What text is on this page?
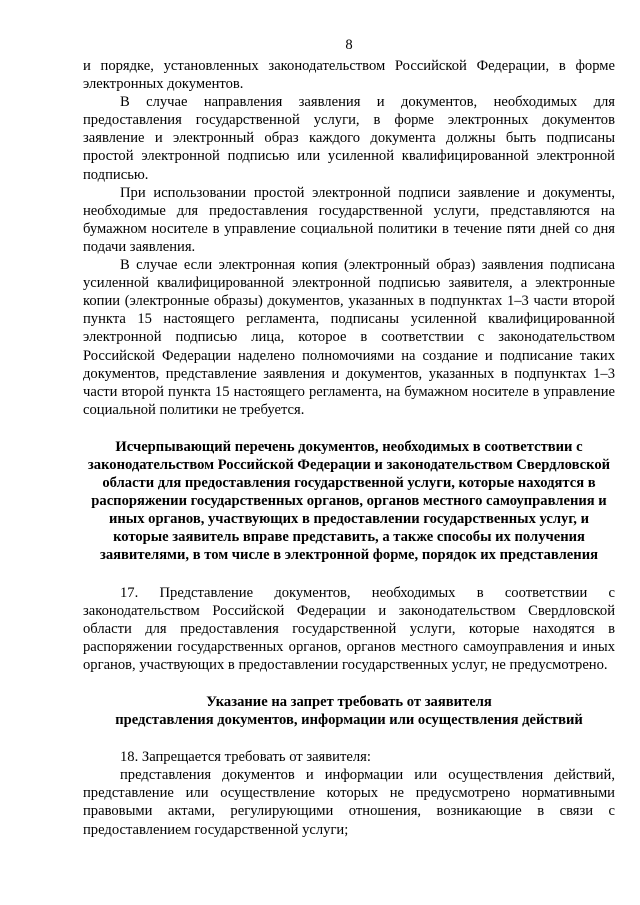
8

и порядке, установленных законодательством Российской Федерации, в форме электронных документов.

В случае направления заявления и документов, необходимых для предоставления государственной услуги, в форме электронных документов заявление и электронный образ каждого документа должны быть подписаны простой электронной подписью или усиленной квалифицированной электронной подписью.

При использовании простой электронной подписи заявление и документы, необходимые для предоставления государственной услуги, представляются на бумажном носителе в управление социальной политики в течение пяти дней со дня подачи заявления.

В случае если электронная копия (электронный образ) заявления подписана усиленной квалифицированной электронной подписью заявителя, а электронные копии (электронные образы) документов, указанных в подпунктах 1–3 части второй пункта 15 настоящего регламента, подписаны усиленной квалифицированной электронной подписью лица, которое в соответствии с законодательством Российской Федерации наделено полномочиями на создание и подписание таких документов, представление заявления и документов, указанных в подпунктах 1–3 части второй пункта 15 настоящего регламента, на бумажном носителе в управление социальной политики не требуется.

Исчерпывающий перечень документов, необходимых в соответствии с законодательством Российской Федерации и законодательством Свердловской области для предоставления государственной услуги, которые находятся в распоряжении государственных органов, органов местного самоуправления и иных органов, участвующих в предоставлении государственных услуг, и которые заявитель вправе представить, а также способы их получения заявителями, в том числе в электронной форме, порядок их представления

17. Представление документов, необходимых в соответствии с законодательством Российской Федерации и законодательством Свердловской области для предоставления государственной услуги, которые находятся в распоряжении государственных органов, органов местного самоуправления и иных органов, участвующих в предоставлении государственных услуг, не предусмотрено.

Указание на запрет требовать от заявителя
представления документов, информации или осуществления действий

18. Запрещается требовать от заявителя:

представления документов и информации или осуществления действий, представление или осуществление которых не предусмотрено нормативными правовыми актами, регулирующими отношения, возникающие в связи с предоставлением государственной услуги;
